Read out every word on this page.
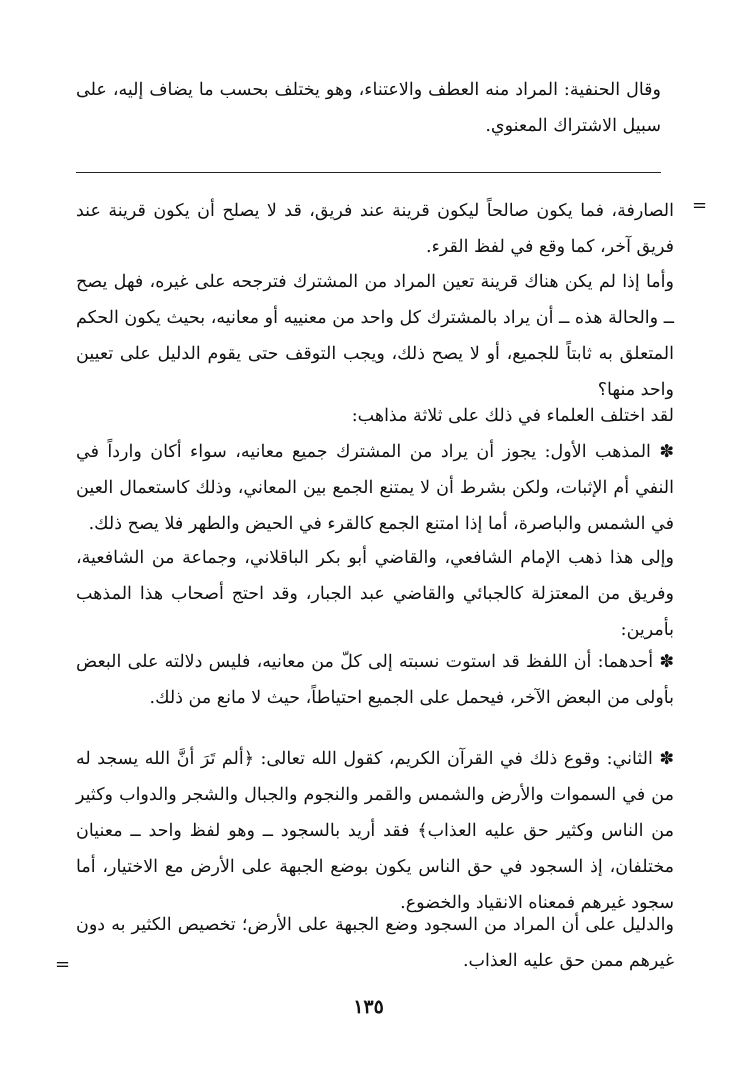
وقال الحنفية: المراد منه العطف والاعتناء، وهو يختلف بحسب ما يضاف إليه، على سبيل الاشتراك المعنوي.

=

الصارفة، فما يكون صالحاً ليكون قرينة عند فريق، قد لا يصلح أن يكون قرينة عند فريق آخر، كما وقع في لفظ القرء.

وأما إذا لم يكن هناك قرينة تعين المراد من المشترك فترجحه على غيره، فهل يصح ــ والحالة هذه ــ أن يراد بالمشترك كل واحد من معنييه أو معانيه، بحيث يكون الحكم المتعلق به ثابتاً للجميع، أو لا يصح ذلك، ويجب التوقف حتى يقوم الدليل على تعيين واحد منها؟

لقد اختلف العلماء في ذلك على ثلاثة مذاهب:

✽ المذهب الأول: يجوز أن يراد من المشترك جميع معانيه، سواء أكان وارداً في النفي أم الإثبات، ولكن بشرط أن لا يمتنع الجمع بين المعاني، وذلك كاستعمال العين في الشمس والباصرة، أما إذا امتنع الجمع كالقرء في الحيض والطهر فلا يصح ذلك.

وإلى هذا ذهب الإمام الشافعي، والقاضي أبو بكر الباقلاني، وجماعة من الشافعية، وفريق من المعتزلة كالجبائي والقاضي عبد الجبار، وقد احتج أصحاب هذا المذهب بأمرين:

✽ أحدهما: أن اللفظ قد استوت نسبته إلى كلّ من معانيه، فليس دلالته على البعض بأولى من البعض الآخر، فيحمل على الجميع احتياطاً، حيث لا مانع من ذلك.

✽ الثاني: وقوع ذلك في القرآن الكريم، كقول الله تعالى: ﴿ألم تَرَ أنَّ الله يسجد له من في السموات والأرض والشمس والقمر والنجوم والجبال والشجر والدواب وكثير من الناس وكثير حق عليه العذاب﴾ فقد أريد بالسجود ــ وهو لفظ واحد ــ معنيان مختلفان، إذ السجود في حق الناس يكون بوضع الجبهة على الأرض مع الاختيار، أما سجود غيرهم فمعناه الانقياد والخضوع.

والدليل على أن المراد من السجود وضع الجبهة على الأرض؛ تخصيص الكثير به دون غيرهم ممن حق عليه العذاب.

=
١٣٥
